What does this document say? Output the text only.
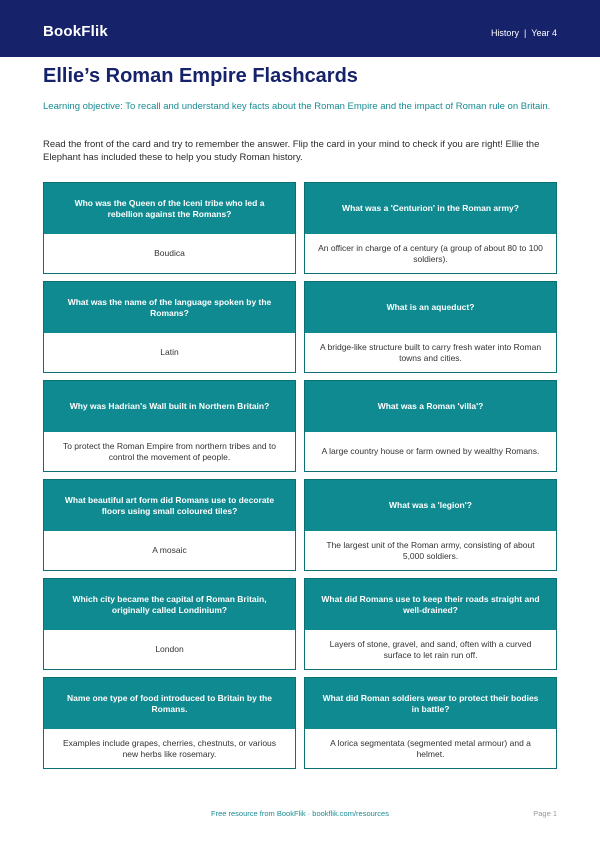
BookFlik	History | Year 4
Ellie’s Roman Empire Flashcards

Learning objective: To recall and understand key facts about the Roman Empire and the impact of Roman rule on Britain.

Read the front of the card and try to remember the answer. Flip the card in your mind to check if you are right! Ellie the Elephant has included these to help you study Roman history.

Who was the Queen of the Iceni tribe who led a rebellion against the Romans?
Boudica
What was a 'Centurion' in the Roman army?
An officer in charge of a century (a group of about 80 to 100 soldiers).
What was the name of the language spoken by the Romans?
Latin
What is an aqueduct?
A bridge-like structure built to carry fresh water into Roman towns and cities.
Why was Hadrian's Wall built in Northern Britain?
To protect the Roman Empire from northern tribes and to control the movement of people.
What was a Roman 'villa'?
A large country house or farm owned by wealthy Romans.
What beautiful art form did Romans use to decorate floors using small coloured tiles?
A mosaic
What was a 'legion'?
The largest unit of the Roman army, consisting of about 5,000 soldiers.
Which city became the capital of Roman Britain, originally called Londinium?
London
What did Romans use to keep their roads straight and well-drained?
Layers of stone, gravel, and sand, often with a curved surface to let rain run off.
Name one type of food introduced to Britain by the Romans.
Examples include grapes, cherries, chestnuts, or various new herbs like rosemary.
What did Roman soldiers wear to protect their bodies in battle?
A lorica segmentata (segmented metal armour) and a helmet.
Free resource from BookFlik · bookflik.com/resources	Page 1
